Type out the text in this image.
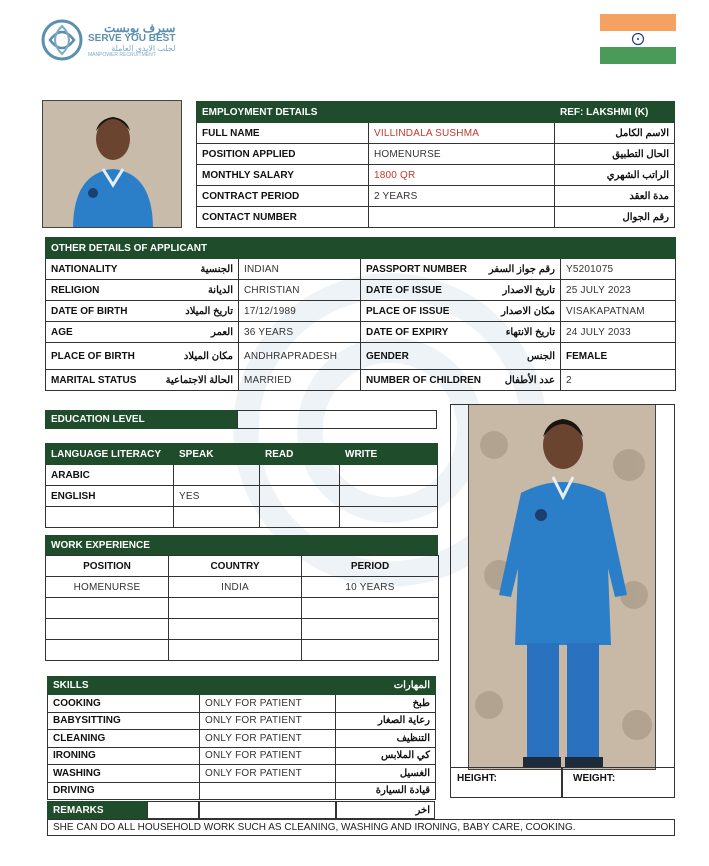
سيرف يوبست
SERVE YOU BEST
لجلب الايدي العاملة
MANPOWER RECRUITMENT
EMPLOYMENT DETAILS		REF: LAKSHMI (K)
FULL NAME	VILLINDALA SUSHMA	الاسم الكامل
POSITION APPLIED	HOMENURSE	الحال التطبيق
MONTHLY SALARY	1800 QR	الراتب الشهري
CONTRACT PERIOD	2 YEARS	مدة العقد
CONTACT NUMBER		رقم الجوال
OTHER DETAILS OF APPLICANT			

NATIONALITY الجنسية	INDIAN	PASSPORT NUMBER رقم جواز السفر	Y5201075

RELIGION الديانة	CHRISTIAN	DATE OF ISSUE تاريخ الاصدار	25 JULY 2023

DATE OF BIRTH تاريخ الميلاد	17/12/1989	PLACE OF ISSUE مكان الاصدار	VISAKAPATNAM

AGE العمر	36 YEARS	DATE OF EXPIRY تاريخ الانتهاء	24 JULY 2033

PLACE OF BIRTH مكان الميلاد	ANDHRAPRADESH	GENDER الجنس	FEMALE

MARITAL STATUS الحالة الاجتماعية	MARRIED	NUMBER OF CHILDREN عدد الأطفال	2
EDUCATION LEVEL
LANGUAGE LITERACY	SPEAK	READ	WRITE
ARABIC			
ENGLISH	YES		

WORK EXPERIENCE
POSITION	COUNTRY	PERIOD
HOMENURSE	INDIA	10 YEARS

SKILLS		المهارات
COOKING	ONLY FOR PATIENT	طبخ
BABYSITTING	ONLY FOR PATIENT	رعاية الصغار
CLEANING	ONLY FOR PATIENT	التنظيف
IRONING	ONLY FOR PATIENT	كي الملابس
WASHING	ONLY FOR PATIENT	الغسيل
DRIVING		قيادة السيارة
REMARKS	اخر
SHE CAN DO ALL HOUSEHOLD WORK SUCH AS CLEANING, WASHING AND IRONING, BABY CARE, COOKING.
HEIGHT:	WEIGHT:
